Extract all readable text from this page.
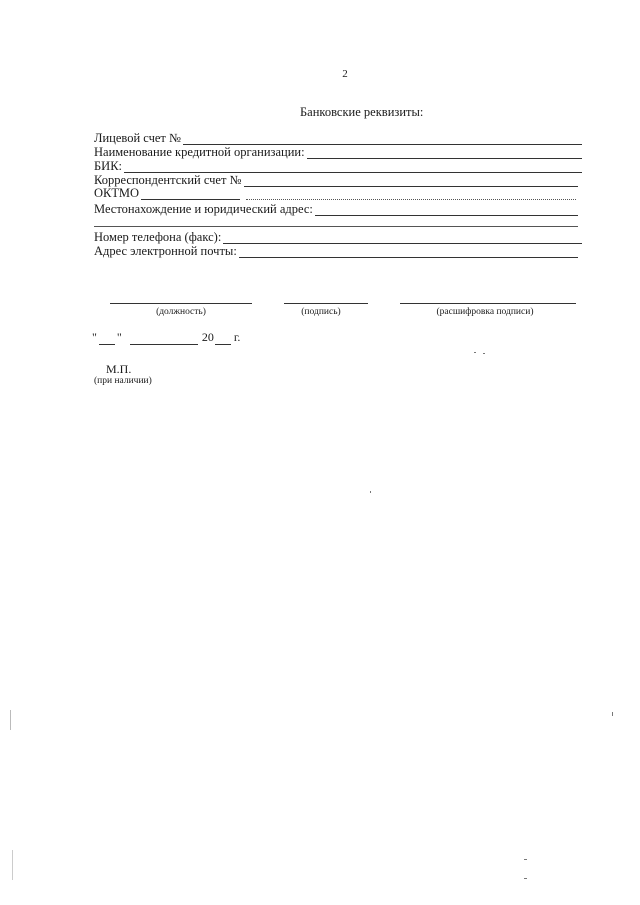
2
Банковские реквизиты:
Лицевой счет №
Наименование кредитной организации:
БИК:
Корреспондентский счет №
ОКТМО
Местонахождение и юридический адрес:
Номер телефона (факс):
Адрес электронной почты:
(должность)	(подпись)	(расшифровка подписи)
" "	20 г.
М.П.
(при наличии)
